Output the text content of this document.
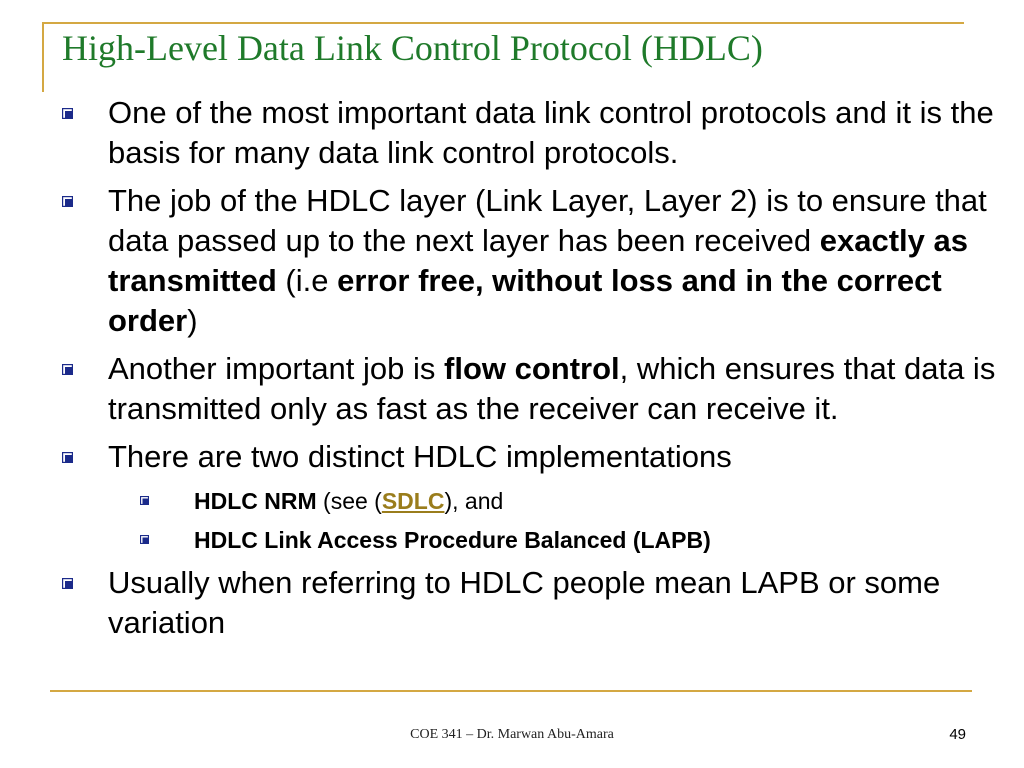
High-Level Data Link Control Protocol (HDLC)
One of the most important data link control protocols and it is the basis for many data link control protocols.
The job of the HDLC layer (Link Layer, Layer 2) is to ensure that data passed up to the next layer has been received exactly as transmitted (i.e error free, without loss and in the correct order)
Another important job is flow control, which ensures that data is transmitted only as fast as the receiver can receive it.
There are two distinct HDLC implementations
HDLC NRM (see (SDLC), and
HDLC Link Access Procedure Balanced (LAPB)
Usually when referring to HDLC people mean LAPB or some variation
COE 341 – Dr. Marwan Abu-Amara	49
